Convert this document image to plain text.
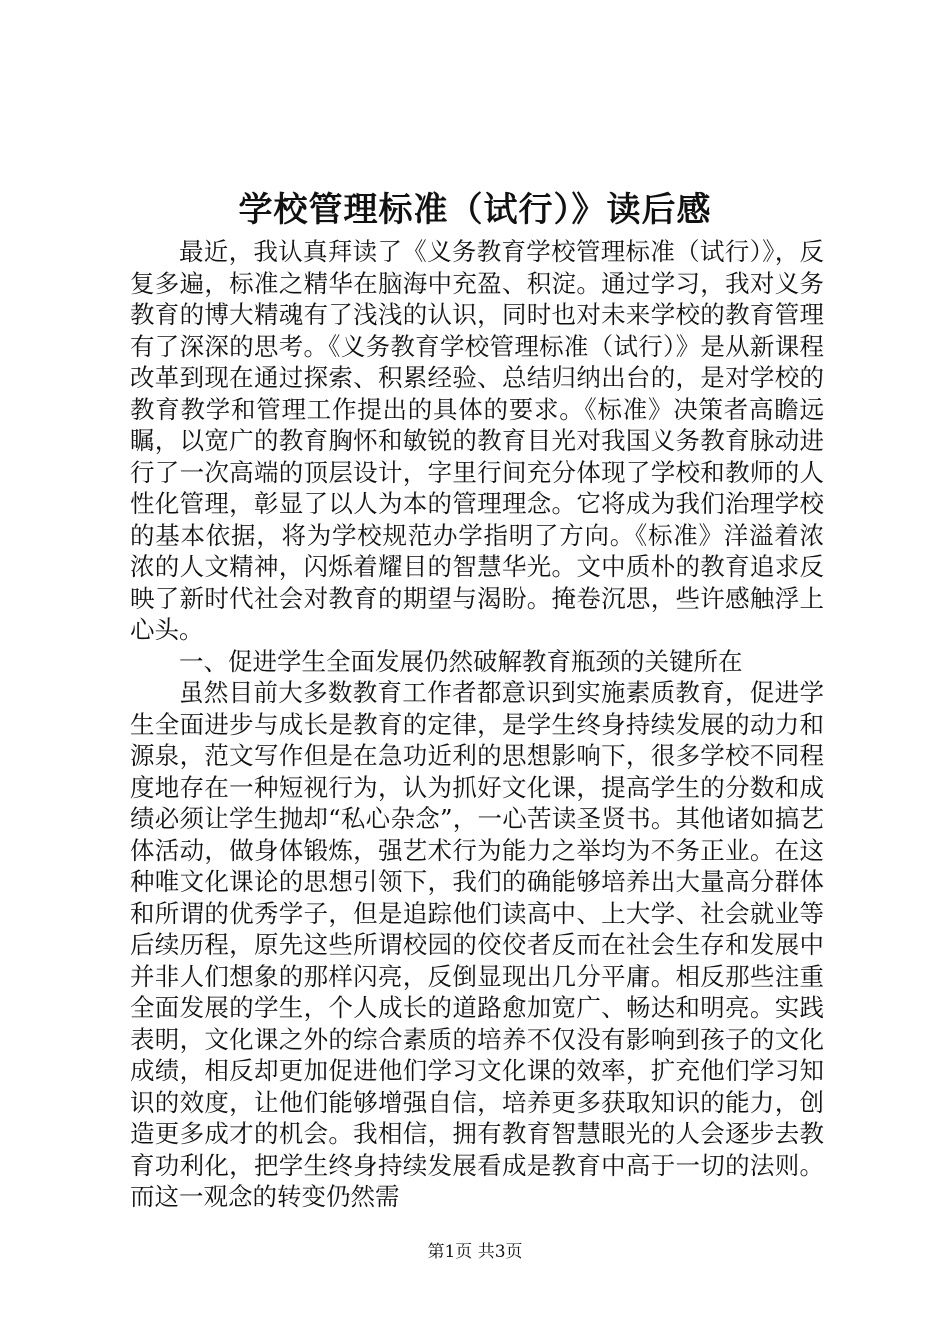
学校管理标准（试行）》读后感

最近，我认真拜读了《义务教育学校管理标准（试行）》，反复多遍，标准之精华在脑海中充盈、积淀。通过学习，我对义务教育的博大精魂有了浅浅的认识，同时也对未来学校的教育管理有了深深的思考。《义务教育学校管理标准（试行）》是从新课程改革到现在通过探索、积累经验、总结归纳出台的，是对学校的教育教学和管理工作提出的具体的要求。《标准》决策者高瞻远瞩，以宽广的教育胸怀和敏锐的教育目光对我国义务教育脉动进行了一次高端的顶层设计，字里行间充分体现了学校和教师的人性化管理，彰显了以人为本的管理理念。它将成为我们治理学校的基本依据，将为学校规范办学指明了方向。《标准》洋溢着浓浓的人文精神，闪烁着耀目的智慧华光。文中质朴的教育追求反映了新时代社会对教育的期望与渴盼。掩卷沉思，些许感触浮上心头。

一、促进学生全面发展仍然破解教育瓶颈的关键所在

虽然目前大多数教育工作者都意识到实施素质教育，促进学生全面进步与成长是教育的定律，是学生终身持续发展的动力和源泉，范文写作但是在急功近利的思想影响下，很多学校不同程度地存在一种短视行为，认为抓好文化课，提高学生的分数和成绩必须让学生抛却“私心杂念”，一心苦读圣贤书。其他诸如搞艺体活动，做身体锻炼，强艺术行为能力之举均为不务正业。在这种唯文化课论的思想引领下，我们的确能够培养出大量高分群体和所谓的优秀学子，但是追踪他们读高中、上大学、社会就业等后续历程，原先这些所谓校园的佼佼者反而在社会生存和发展中并非人们想象的那样闪亮，反倒显现出几分平庸。相反那些注重全面发展的学生，个人成长的道路愈加宽广、畅达和明亮。实践表明，文化课之外的综合素质的培养不仅没有影响到孩子的文化成绩，相反却更加促进他们学习文化课的效率，扩充他们学习知识的效度，让他们能够增强自信，培养更多获取知识的能力，创造更多成才的机会。我相信，拥有教育智慧眼光的人会逐步去教育功利化，把学生终身持续发展看成是教育中高于一切的法则。而这一观念的转变仍然需

第1页 共3页
